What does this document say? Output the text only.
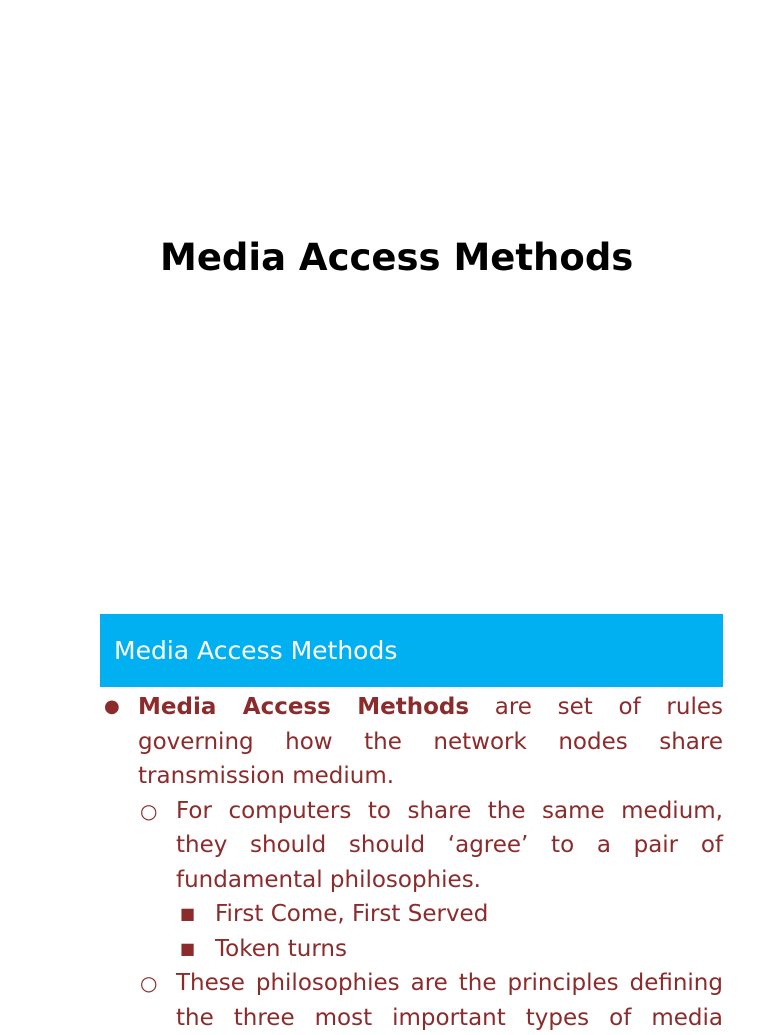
Media Access Methods
Media Access Methods
● Media Access Methods are set of rules governing how the network nodes share transmission medium.
○ For computers to share the same medium, they should should ‘agree’ to a pair of fundamental philosophies.
■ First Come, First Served
■ Token turns
○ These philosophies are the principles defining the three most important types of media
